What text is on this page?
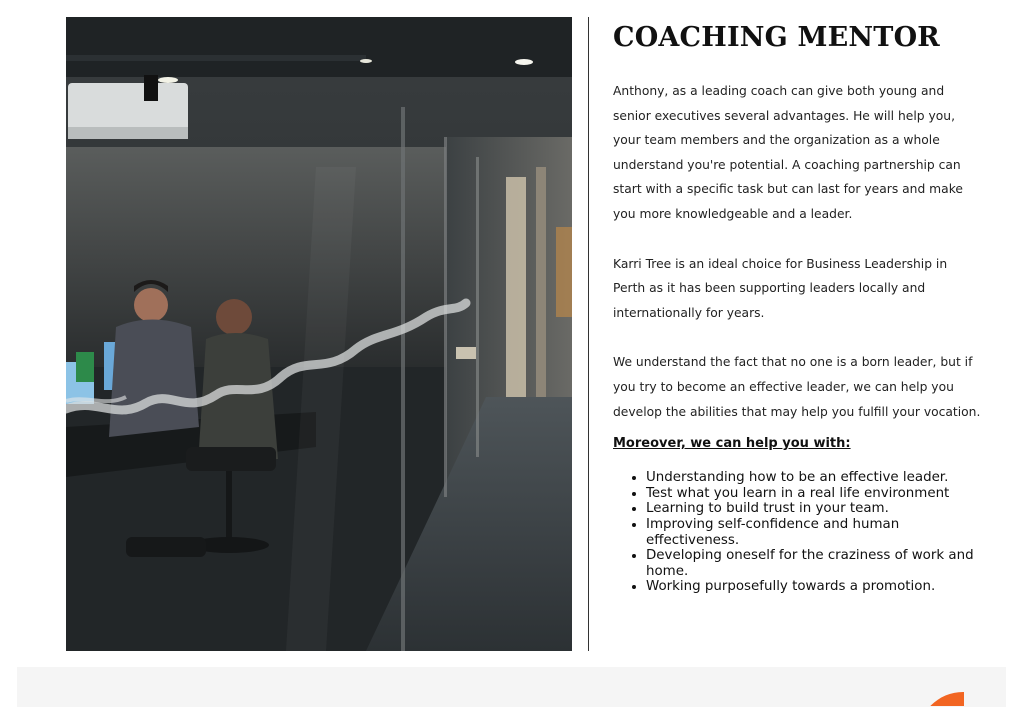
COACHING MENTOR

Anthony, as a leading coach can give both young and senior executives several advantages. He will help you, your team members and the organization as a whole understand you're potential. A coaching partnership can start with a specific task but can last for years and make you more knowledgeable and a leader.

Karri Tree is an ideal choice for Business Leadership in Perth as it has been supporting leaders locally and internationally for years.

We understand the fact that no one is a born leader, but if you try to become an effective leader, we can help you develop the abilities that may help you fulfill your vocation.

Moreover, we can help you with:
• Understanding how to be an effective leader.
• Test what you learn in a real life environment
• Learning to build trust in your team.
• Improving self-confidence and human effectiveness.
• Developing oneself for the craziness of work and home.
• Working purposefully towards a promotion.
